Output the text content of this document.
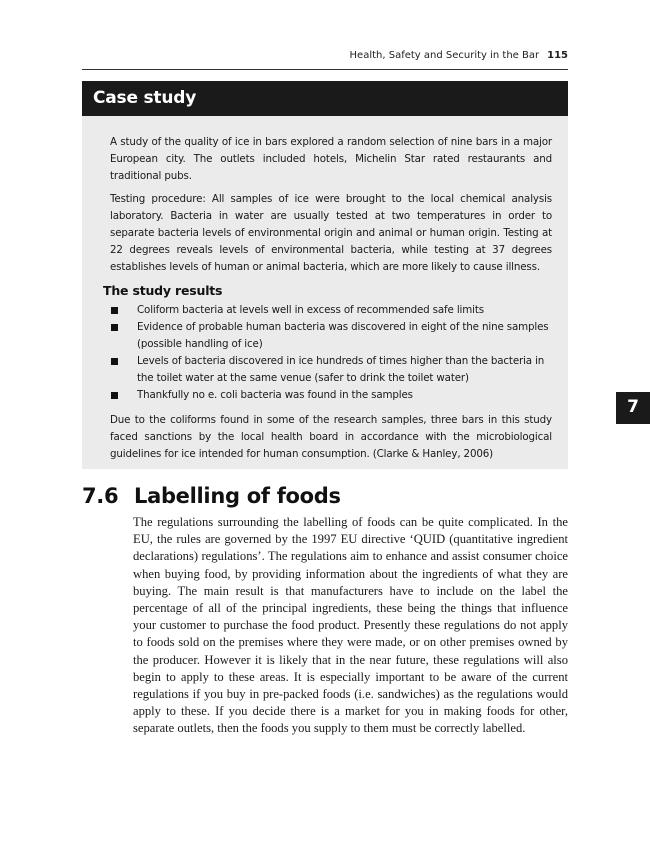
Health, Safety and Security in the Bar 115
Case study
A study of the quality of ice in bars explored a random selection of nine bars in a major European city. The outlets included hotels, Michelin Star rated restaurants and traditional pubs.
Testing procedure: All samples of ice were brought to the local chemical analysis laboratory. Bacteria in water are usually tested at two temperatures in order to separate bacteria levels of environmental origin and animal or human origin. Testing at 22 degrees reveals levels of environmental bacteria, while testing at 37 degrees establishes levels of human or animal bacteria, which are more likely to cause illness.
The study results
Coliform bacteria at levels well in excess of recommended safe limits
Evidence of probable human bacteria was discovered in eight of the nine samples (possible handling of ice)
Levels of bacteria discovered in ice hundreds of times higher than the bacteria in the toilet water at the same venue (safer to drink the toilet water)
Thankfully no e. coli bacteria was found in the samples
Due to the coliforms found in some of the research samples, three bars in this study faced sanctions by the local health board in accordance with the microbiological guidelines for ice intended for human consumption. (Clarke & Hanley, 2006)
7
7.6 Labelling of foods
The regulations surrounding the labelling of foods can be quite complicated. In the EU, the rules are governed by the 1997 EU directive ‘QUID (quantitative ingredient declarations) regulations’. The regulations aim to enhance and assist consumer choice when buying food, by providing information about the ingredients of what they are buying. The main result is that manufacturers have to include on the label the percentage of all of the principal ingredients, these being the things that influence your customer to purchase the food product. Presently these regulations do not apply to foods sold on the premises where they were made, or on other premises owned by the producer. However it is likely that in the near future, these regulations will also begin to apply to these areas. It is especially important to be aware of the current regulations if you buy in pre-packed foods (i.e. sandwiches) as the regulations would apply to these. If you decide there is a market for you in making foods for other, separate outlets, then the foods you supply to them must be correctly labelled.
